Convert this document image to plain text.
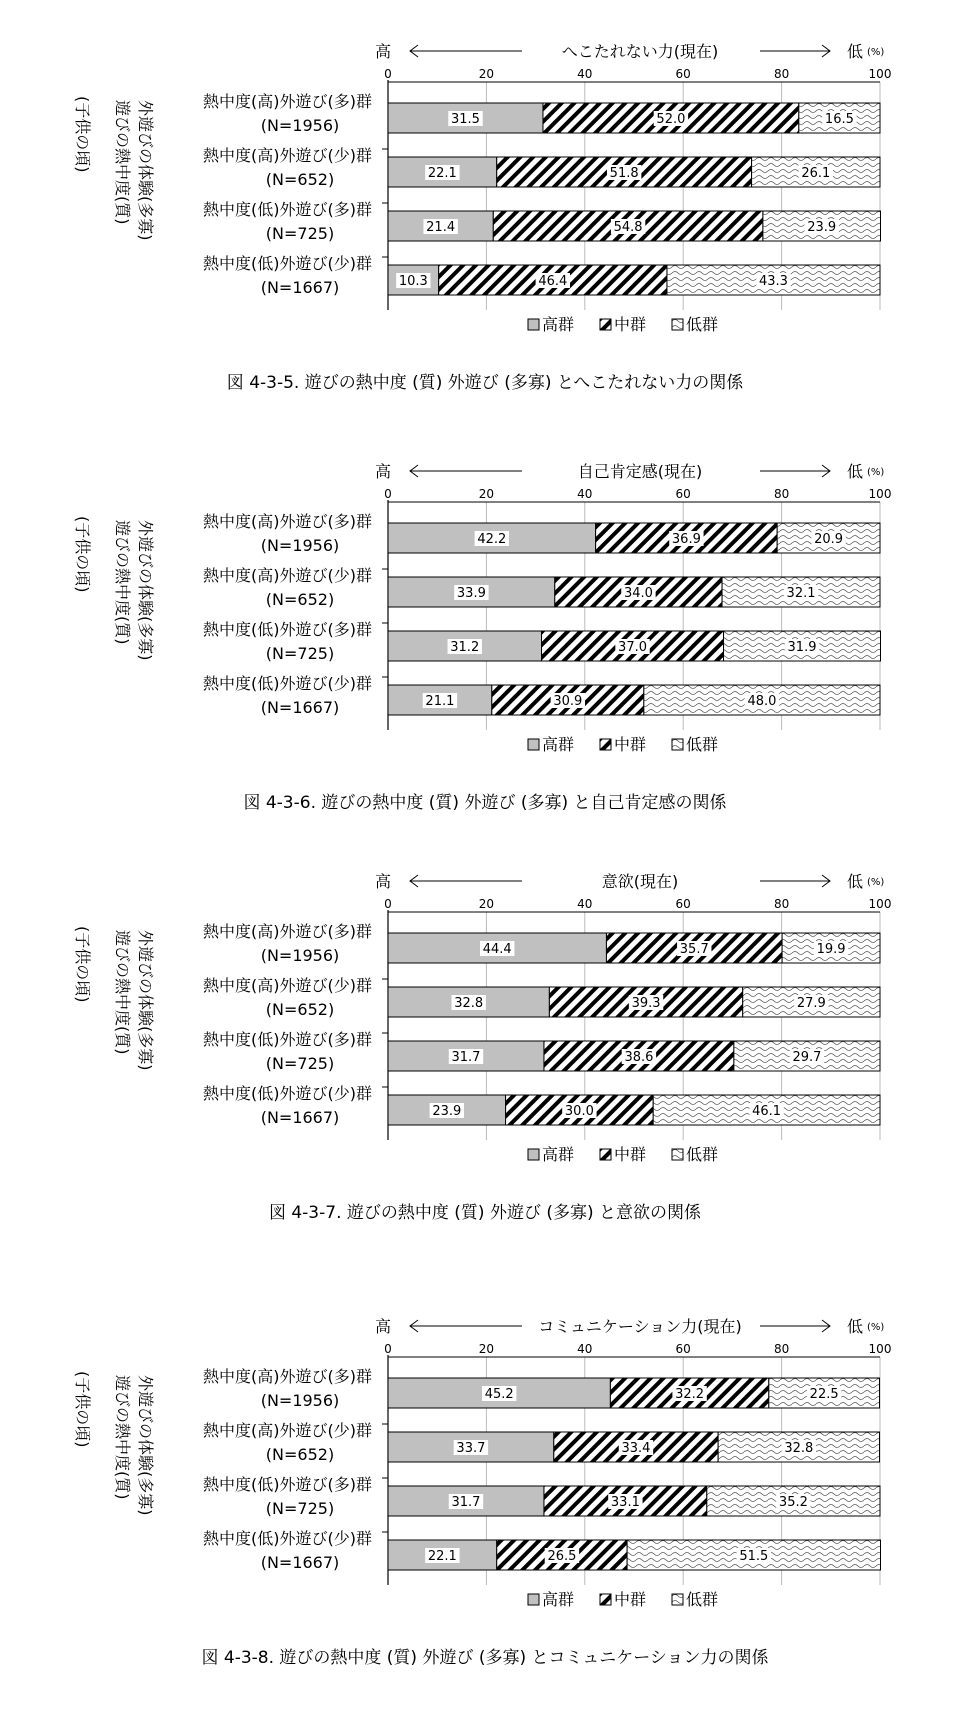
高	へこたれない力(現在)	低 (%)
0	20	40	60	80	100
外遊びの体験(多寡)
遊びの熱中度(質)
(子供の頃)	熱中度(高)外遊び(多)群
(N=1956)	31.5	52.0	16.5
熱中度(高)外遊び(少)群
(N=652)	22.1	51.8	26.1
熱中度(低)外遊び(多)群
(N=725)	21.4	54.8	23.9
熱中度(低)外遊び(少)群
(N=1667)	10.3	46.4	43.3
高群 中群 低群
図 4-3-5. 遊びの熱中度 (質) 外遊び (多寡) とへこたれない力の関係
高	自己肯定感(現在)	低 (%)
0	20	40	60	80	100
外遊びの体験(多寡)
遊びの熱中度(質)
(子供の頃)	熱中度(高)外遊び(多)群
(N=1956)	42.2	36.9	20.9
熱中度(高)外遊び(少)群
(N=652)	33.9	34.0	32.1
熱中度(低)外遊び(多)群
(N=725)	31.2	37.0	31.9
熱中度(低)外遊び(少)群
(N=1667)	21.1	30.9	48.0
高群 中群 低群
図 4-3-6. 遊びの熱中度 (質) 外遊び (多寡) と自己肯定感の関係
高	意欲(現在)	低 (%)
0	20	40	60	80	100
外遊びの体験(多寡)
遊びの熱中度(質)
(子供の頃)	熱中度(高)外遊び(多)群
(N=1956)	44.4	35.7	19.9
熱中度(高)外遊び(少)群
(N=652)	32.8	39.3	27.9
熱中度(低)外遊び(多)群
(N=725)	31.7	38.6	29.7
熱中度(低)外遊び(少)群
(N=1667)	23.9	30.0	46.1
高群 中群 低群
図 4-3-7. 遊びの熱中度 (質) 外遊び (多寡) と意欲の関係
高	コミュニケーション力(現在)	低 (%)
0	20	40	60	80	100
外遊びの体験(多寡)
遊びの熱中度(質)
(子供の頃)	熱中度(高)外遊び(多)群
(N=1956)	45.2	32.2	22.5
熱中度(高)外遊び(少)群
(N=652)	33.7	33.4	32.8
熱中度(低)外遊び(多)群
(N=725)	31.7	33.1	35.2
熱中度(低)外遊び(少)群
(N=1667)	22.1	26.5	51.5
高群 中群 低群
図 4-3-8. 遊びの熱中度 (質) 外遊び (多寡) とコミュニケーション力の関係
